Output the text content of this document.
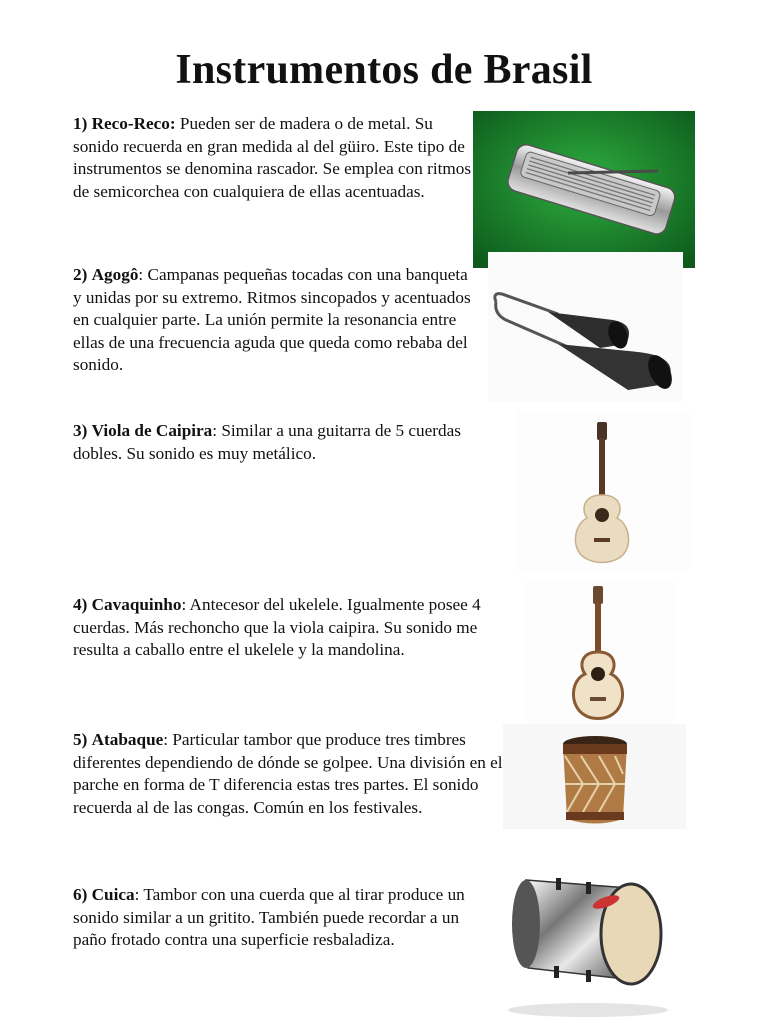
Instrumentos de Brasil
1) Reco-Reco: Pueden ser de madera o de metal. Su sonido recuerda en gran medida al del güiro. Este tipo de instrumentos se denomina rascador. Se emplea con ritmos de semicorchea con cualquiera de ellas acentuadas.
2) Agogô: Campanas pequeñas tocadas con una banqueta y unidas por su extremo. Ritmos sincopados y acentuados en cualquier parte. La unión permite la resonancia entre ellas de una frecuencia aguda que queda como rebaba del sonido.
3) Viola de Caipira: Similar a una guitarra de 5 cuerdas dobles. Su sonido es muy metálico.
4) Cavaquinho: Antecesor del ukelele. Igualmente posee 4 cuerdas. Más rechoncho que la viola caipira. Su sonido me resulta a caballo entre el ukelele y la mandolina.
5) Atabaque: Particular tambor que produce tres timbres diferentes dependiendo de dónde se golpee. Una división en el parche en forma de T diferencia estas tres partes. El sonido recuerda al de las congas. Común en los festivales.
6) Cuica: Tambor con una cuerda que al tirar produce un sonido similar a un gritito. También puede recordar a un paño frotado contra una superficie resbaladiza.
